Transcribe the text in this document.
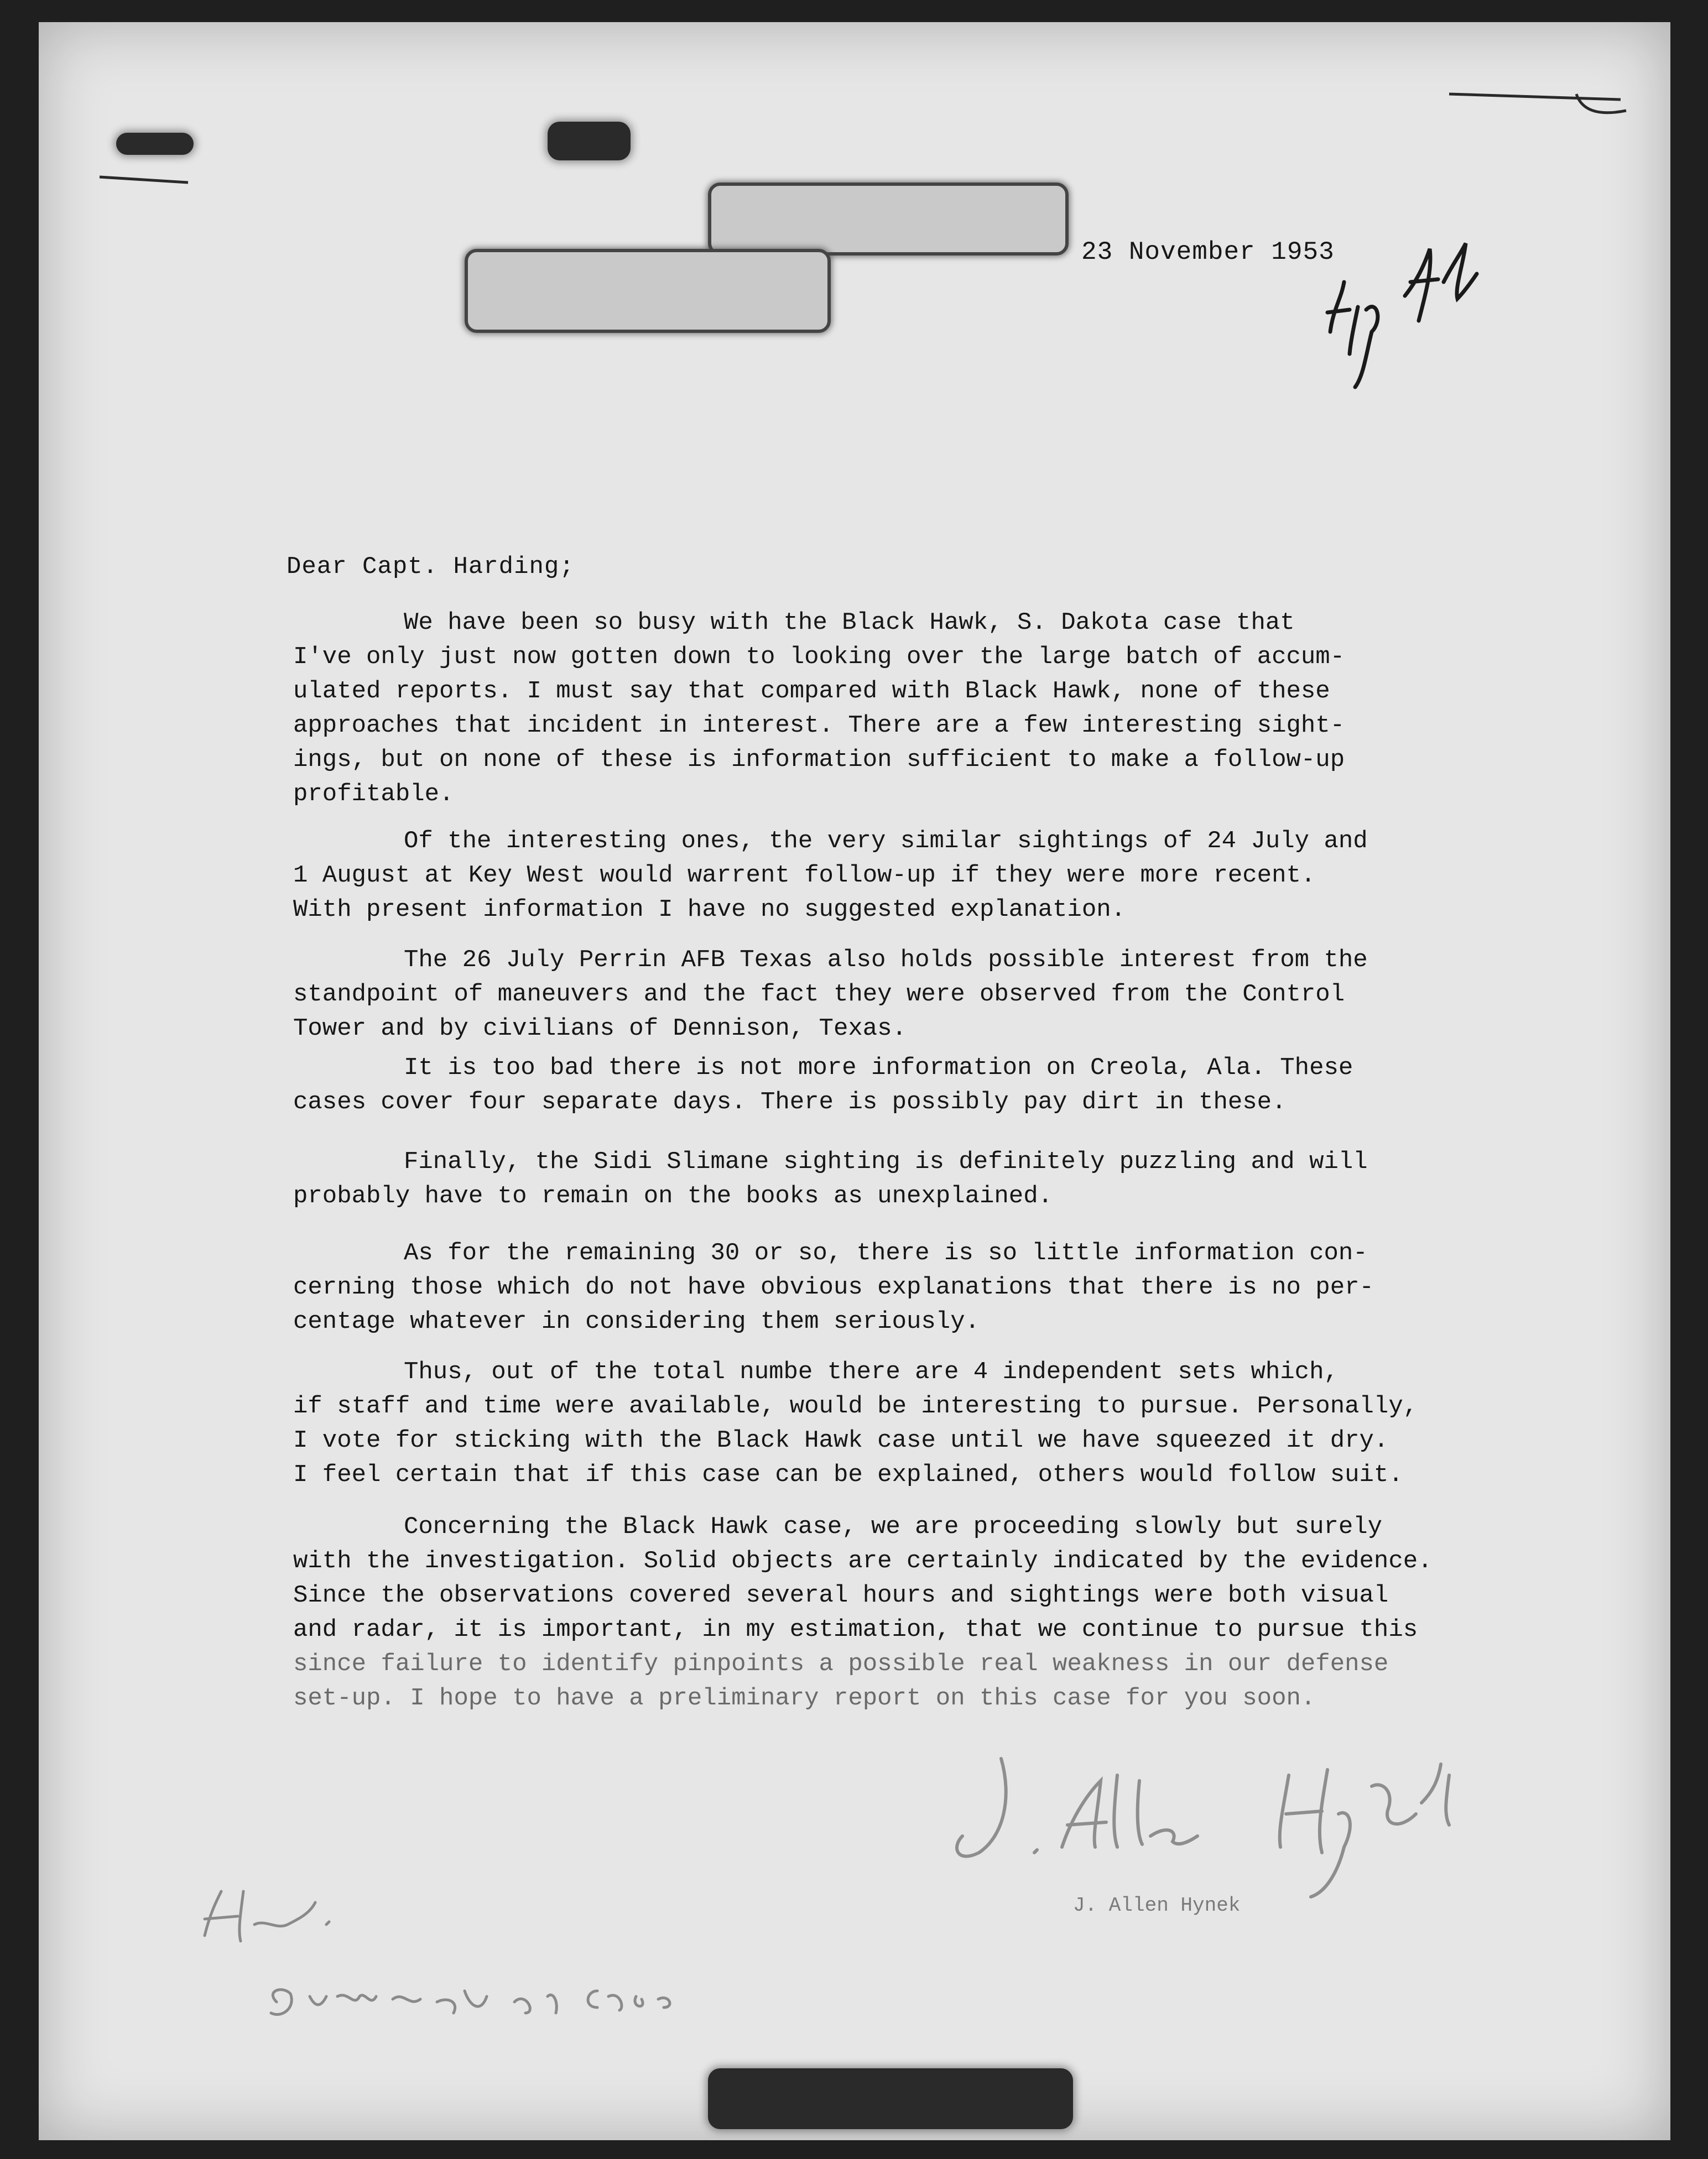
23 November 1953
Dear Capt. Harding;
We have been so busy with the Black Hawk, S. Dakota case that
I've only just now gotten down to looking over the large batch of accum-
ulated reports. I must say that compared with Black Hawk, none of these
approaches that incident in interest. There are a few interesting sight-
ings, but on none of these is information sufficient to make a follow-up
profitable.
Of the interesting ones, the very similar sightings of 24 July and
1 August at Key West would warrent follow-up if they were more recent.
With present information I have no suggested explanation.
The 26 July Perrin AFB Texas also holds possible interest from the
standpoint of maneuvers and the fact they were observed from the Control
Tower and by civilians of Dennison, Texas.
It is too bad there is not more information on Creola, Ala. These
cases cover four separate days. There is possibly pay dirt in these.
Finally, the Sidi Slimane sighting is definitely puzzling and will
probably have to remain on the books as unexplained.
As for the remaining 30 or so, there is so little information con-
cerning those which do not have obvious explanations that there is no per-
centage whatever in considering them seriously.
Thus, out of the total numbe there are 4 independent sets which,
if staff and time were available, would be interesting to pursue. Personally,
I vote for sticking with the Black Hawk case until we have squeezed it dry.
I feel certain that if this case can be explained, others would follow suit.
Concerning the Black Hawk case, we are proceeding slowly but surely
with the investigation. Solid objects are certainly indicated by the evidence.
Since the observations covered several hours and sightings were both visual
and radar, it is important, in my estimation, that we continue to pursue this
since failure to identify pinpoints a possible real weakness in our defense
set-up. I hope to have a preliminary report on this case for you soon.
J. Allen Hynek
